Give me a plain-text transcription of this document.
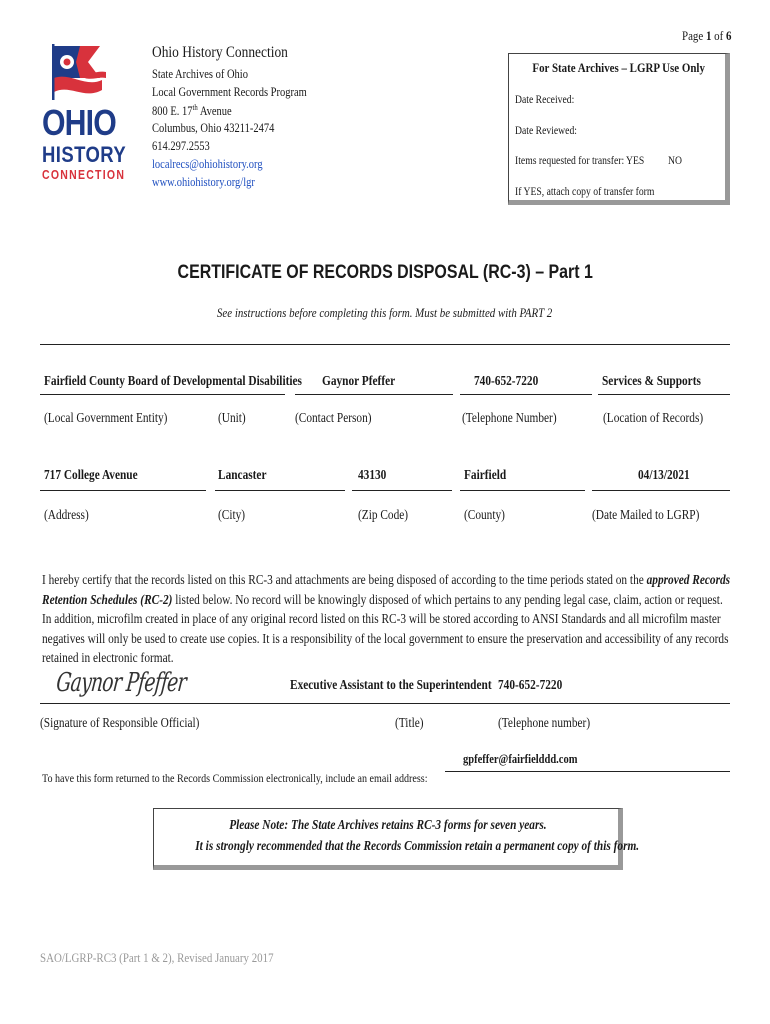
Page 1 of 6
OHIO
HISTORY
CONNECTION
Ohio History Connection
State Archives of Ohio
Local Government Records Program
800 E. 17th Avenue
Columbus, Ohio 43211-2474
614.297.2553
localrecs@ohiohistory.org
www.ohiohistory.org/lgr
For State Archives – LGRP Use Only
Date Received:
Date Reviewed:
Items requested for transfer: YES	NO
If YES, attach copy of transfer form
CERTIFICATE OF RECORDS DISPOSAL (RC-3) – Part 1
See instructions before completing this form. Must be submitted with PART 2
Fairfield County Board of Developmental Disabilities	Gaynor Pfeffer	740-652-7220	Services & Supports
(Local Government Entity)	(Unit)	(Contact Person)	(Telephone Number)	(Location of Records)
717 College Avenue	Lancaster	43130	Fairfield	04/13/2021
(Address)	(City)	(Zip Code)	(County)	(Date Mailed to LGRP)
I hereby certify that the records listed on this RC-3 and attachments are being disposed of according to the time periods stated on the approved Records Retention Schedules (RC-2) listed below. No record will be knowingly disposed of which pertains to any pending legal case, claim, action or request. In addition, microfilm created in place of any original record listed on this RC-3 will be stored according to ANSI Standards and all microfilm master negatives will only be used to create use copies. It is a responsibility of the local government to ensure the preservation and accessibility of any records retained in electronic format.
Gaynor Pfeffer	Executive Assistant to the Superintendent 740-652-7220
(Signature of Responsible Official)	(Title)	(Telephone number)
gpfeffer@fairfielddd.com
To have this form returned to the Records Commission electronically, include an email address:
Please Note: The State Archives retains RC-3 forms for seven years.
It is strongly recommended that the Records Commission retain a permanent copy of this form.
SAO/LGRP-RC3 (Part 1 & 2), Revised January 2017
